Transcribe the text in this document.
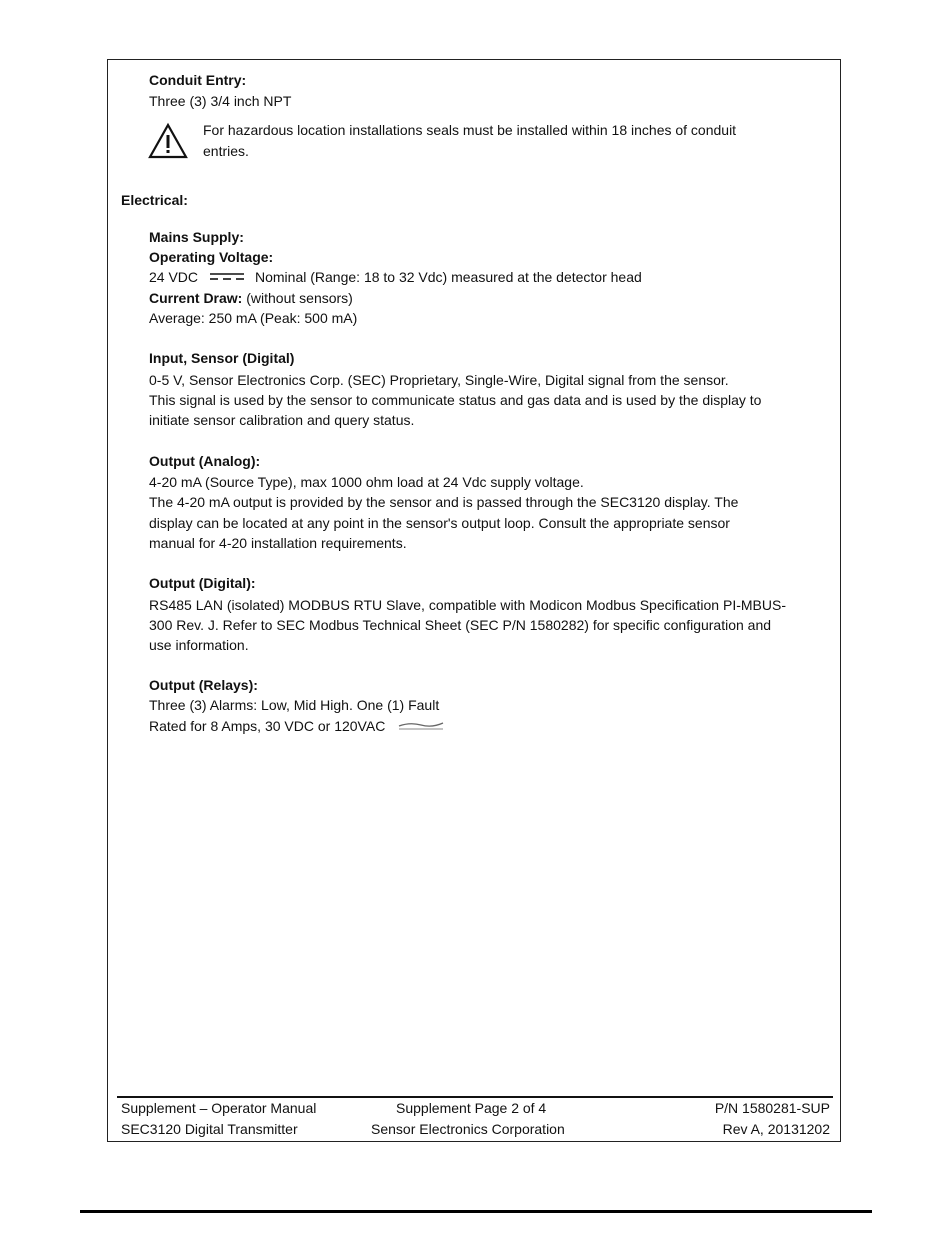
Conduit Entry:
Three (3) 3/4 inch NPT
For hazardous location installations seals must be installed within 18 inches of conduit
entries.
Electrical:
Mains Supply:
Operating Voltage:
24 VDC	Nominal (Range: 18 to 32 Vdc) measured at the detector head
Current Draw: (without sensors)
Average: 250 mA (Peak: 500 mA)
Input, Sensor (Digital)
0-5 V, Sensor Electronics Corp. (SEC) Proprietary, Single-Wire, Digital signal from the sensor.
This signal is used by the sensor to communicate status and gas data and is used by the display to
initiate sensor calibration and query status.
Output (Analog):
4-20 mA (Source Type), max 1000 ohm load at 24 Vdc supply voltage.
The 4-20 mA output is provided by the sensor and is passed through the SEC3120 display. The
display can be located at any point in the sensor's output loop. Consult the appropriate sensor
manual for 4-20 installation requirements.
Output (Digital):
RS485 LAN (isolated) MODBUS RTU Slave, compatible with Modicon Modbus Specification PI-MBUS-
300 Rev. J. Refer to SEC Modbus Technical Sheet (SEC P/N 1580282) for specific configuration and
use information.
Output (Relays):
Three (3) Alarms: Low, Mid High. One (1) Fault
Rated for 8 Amps, 30 VDC or 120VAC
Supplement – Operator Manual
SEC3120 Digital Transmitter
Supplement Page 2 of 4
Sensor Electronics Corporation
P/N 1580281-SUP
Rev A, 20131202
